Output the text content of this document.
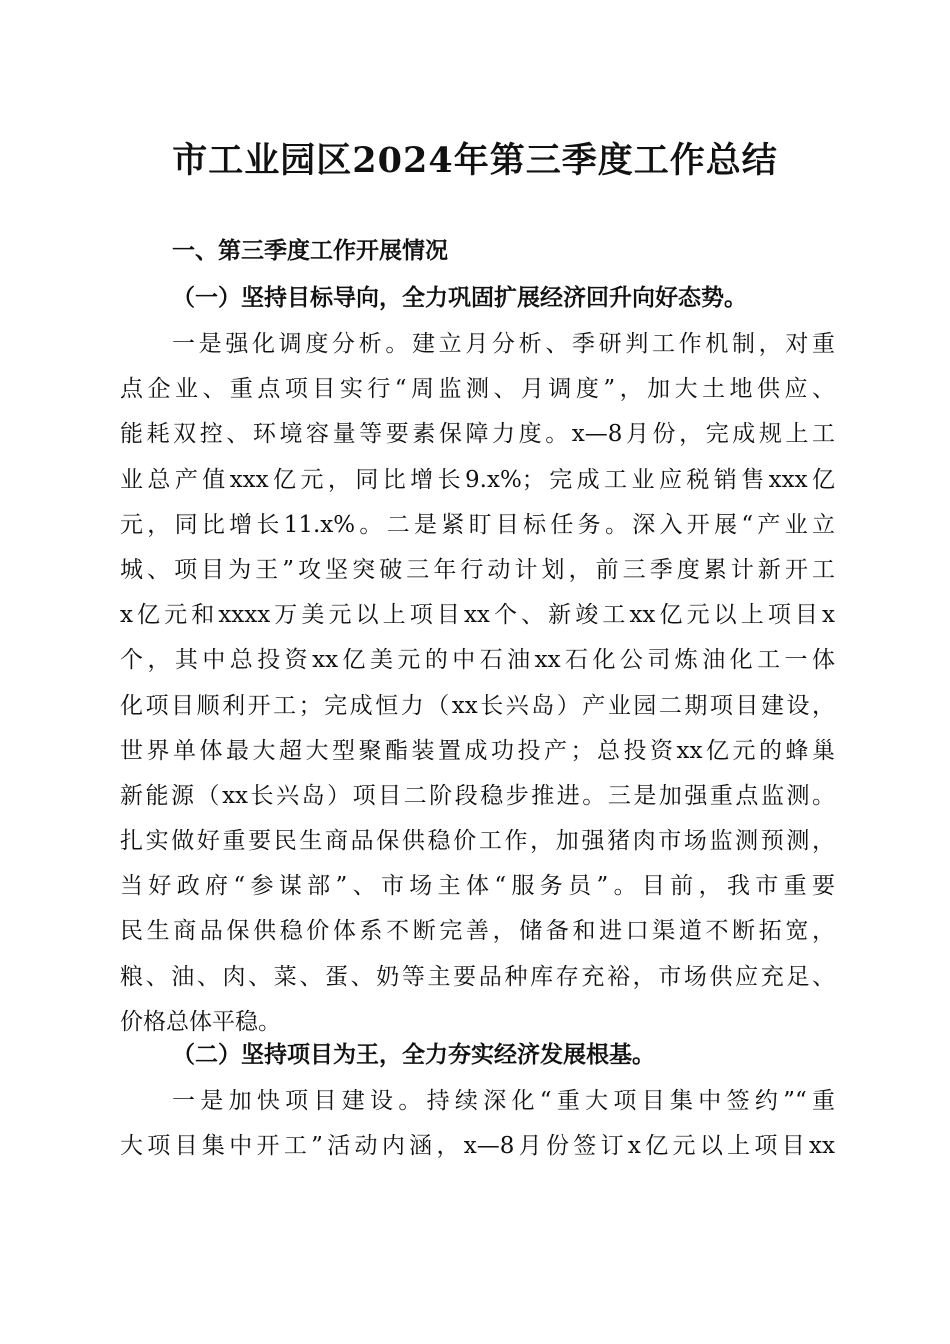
市工业园区2024年第三季度工作总结
一、第三季度工作开展情况
（一）坚持目标导向，全力巩固扩展经济回升向好态势。
一是强化调度分析。建立月分析、季研判工作机制，对重
点企业、重点项目实行“周监测、月调度”，加大土地供应、
能耗双控、环境容量等要素保障力度。x—8月份，完成规上工
业总产值xxx亿元，同比增长9.x%；完成工业应税销售xxx亿
元，同比增长11.x%。二是紧盯目标任务。深入开展“产业立
城、项目为王”攻坚突破三年行动计划，前三季度累计新开工
x亿元和xxxx万美元以上项目xx个、新竣工xx亿元以上项目x
个，其中总投资xx亿美元的中石油xx石化公司炼油化工一体
化项目顺利开工；完成恒力（xx长兴岛）产业园二期项目建设，
世界单体最大超大型聚酯装置成功投产；总投资xx亿元的蜂巢
新能源（xx长兴岛）项目二阶段稳步推进。三是加强重点监测。
扎实做好重要民生商品保供稳价工作，加强猪肉市场监测预测，
当好政府“参谋部”、市场主体“服务员”。目前，我市重要
民生商品保供稳价体系不断完善，储备和进口渠道不断拓宽，
粮、油、肉、菜、蛋、奶等主要品种库存充裕，市场供应充足、
价格总体平稳。
（二）坚持项目为王，全力夯实经济发展根基。
一是加快项目建设。持续深化“重大项目集中签约”“重
大项目集中开工”活动内涵，x—8月份签订x亿元以上项目xx
